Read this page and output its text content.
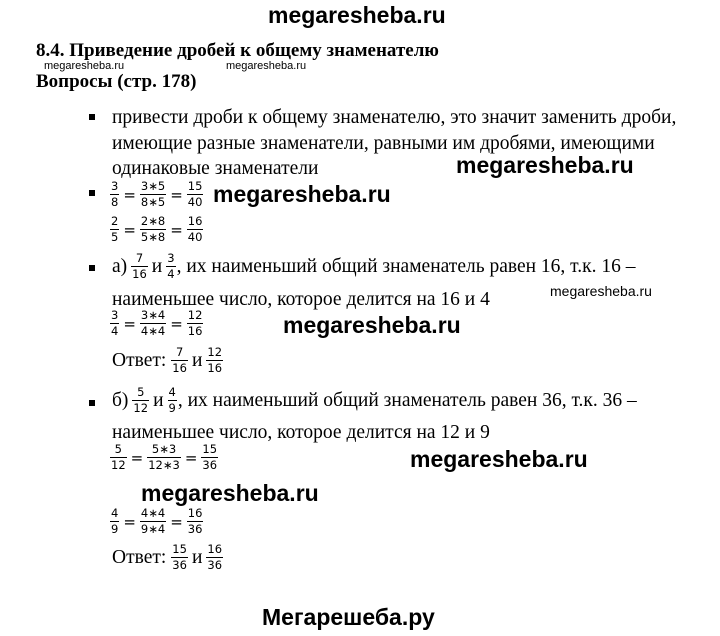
megaresheba.ru
8.4. Приведение дробей к общему знаменателю
megaresheba.ru	megaresheba.ru
Вопросы (стр. 178)
привести дроби к общему знаменателю, это значит заменить дроби,
имеющие разные знаменатели, равными им дробями, имеющими
одинаковые знаменатели	megaresheba.ru
$\frac{3}{8} = \frac{3∗5}{8∗5} = \frac{15}{40}$ megaresheba.ru
$\frac{2}{5} = \frac{2∗8}{5∗8} = \frac{16}{40}$
$а) \frac{7}{16}$ и $\frac{3}{4}$ , их наименьший общий знаменатель равен 16, т.к. 16 –
наименьшее число, которое делится на 16 и 4	megaresheba.ru
$\frac{3}{4} = \frac{3∗4}{4∗4} = \frac{12}{16}$	megaresheba.ru
Ответ: $\frac{7}{16}$ и $\frac{12}{16}$
$б) \frac{5}{12}$ и $\frac{4}{9}$ , их наименьший общий знаменатель равен 36, т.к. 36 –
наименьшее число, которое делится на 12 и 9
$\frac{5}{12} = \frac{5∗3}{12∗3} = \frac{15}{36}$	megaresheba.ru
megaresheba.ru
$\frac{4}{9} = \frac{4∗4}{9∗4} = \frac{16}{36}$
Ответ: $\frac{15}{36}$ и $\frac{16}{36}$
Мегарешеба.ру
